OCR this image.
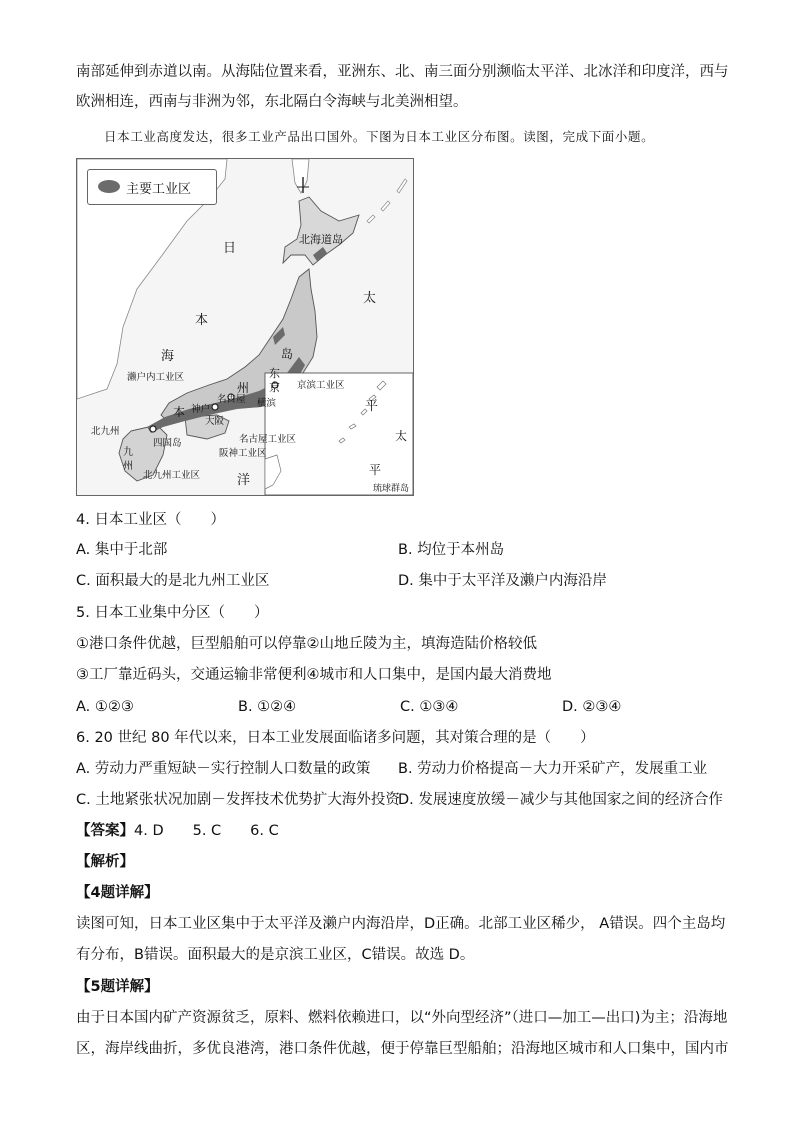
南部延伸到赤道以南。从海陆位置来看，亚洲东、北、南三面分别濒临太平洋、北冰洋和印度洋，西与
欧洲相连，西南与非洲为邻，东北隔白令海峡与北美洲相望。
日本工业高度发达，很多工业产品出口国外。下图为日本工业区分布图。读图，完成下面小题。
主要工业区
北海道岛
日
本
海
太
平
洋
太
平
本
州
岛
东
京 京滨工业区
横滨
濑户内工业区
神户
名古屋
大阪
名古屋工业区
阪神工业区
北九州
北九州工业区
九
州
四国岛
琉球群岛
4. 日本工业区（　　）
A. 集中于北部	B. 均位于本州岛
C. 面积最大的是北九州工业区	D. 集中于太平洋及濑户内海沿岸
5. 日本工业集中分区（　　）
①港口条件优越，巨型船舶可以停靠②山地丘陵为主，填海造陆价格较低
③工厂靠近码头，交通运输非常便利④城市和人口集中，是国内最大消费地
A. ①②③	B. ①②④	C. ①③④	D. ②③④
6. 20 世纪 80 年代以来，日本工业发展面临诸多问题，其对策合理的是（　　）
A. 劳动力严重短缺－实行控制人口数量的政策 B. 劳动力价格提高－大力开采矿产，发展重工业
C. 土地紧张状况加剧－发挥技术优势扩大海外投资
D. 发展速度放缓－减少与其他国家之间的经济合作
【答案】4. D　　5. C　　6. C
【解析】
【4题详解】
读图可知，日本工业区集中于太平洋及濑户内海沿岸，D正确。北部工业区稀少， A错误。四个主岛均
有分布，B错误。面积最大的是京滨工业区，C错误。故选 D。
【5题详解】
由于日本国内矿产资源贫乏，原料、燃料依赖进口，以“外向型经济”（进口—加工—出口)为主；沿海地
区，海岸线曲折，多优良港湾，港口条件优越，便于停靠巨型船舶；沿海地区城市和人口集中，国内市
